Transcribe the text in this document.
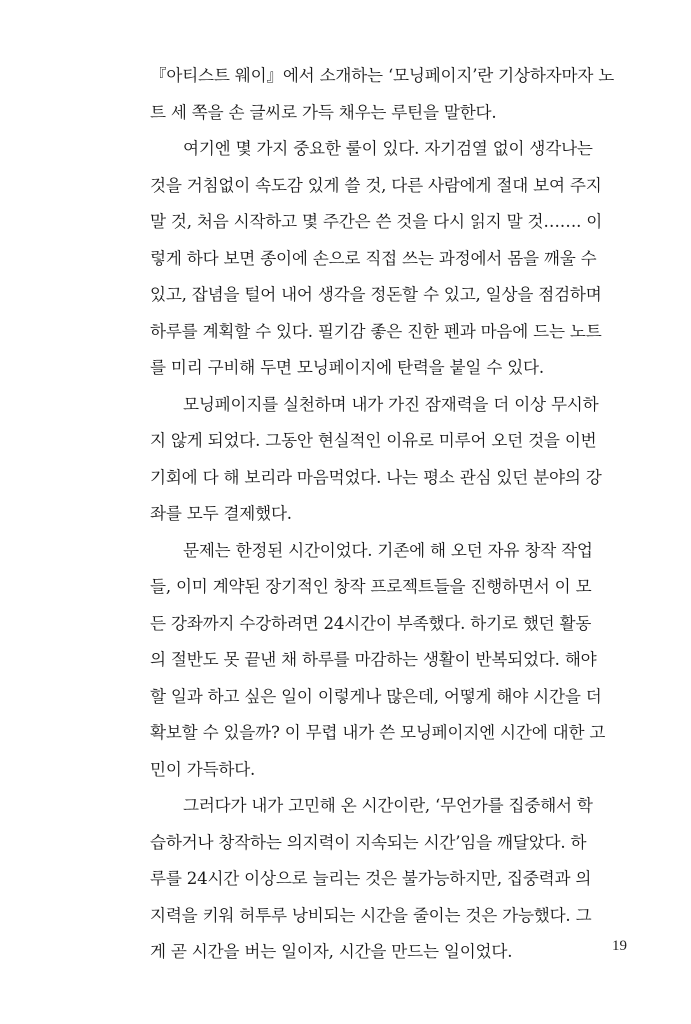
『아티스트 웨이』에서 소개하는 ‘모닝페이지’란 기상하자마자 노
트 세 쪽을 손 글씨로 가득 채우는 루틴을 말한다.
여기엔 몇 가지 중요한 룰이 있다. 자기검열 없이 생각나는
것을 거침없이 속도감 있게 쓸 것, 다른 사람에게 절대 보여 주지
말 것, 처음 시작하고 몇 주간은 쓴 것을 다시 읽지 말 것……. 이
렇게 하다 보면 종이에 손으로 직접 쓰는 과정에서 몸을 깨울 수
있고, 잡념을 털어 내어 생각을 정돈할 수 있고, 일상을 점검하며
하루를 계획할 수 있다. 필기감 좋은 진한 펜과 마음에 드는 노트
를 미리 구비해 두면 모닝페이지에 탄력을 붙일 수 있다.
모닝페이지를 실천하며 내가 가진 잠재력을 더 이상 무시하
지 않게 되었다. 그동안 현실적인 이유로 미루어 오던 것을 이번
기회에 다 해 보리라 마음먹었다. 나는 평소 관심 있던 분야의 강
좌를 모두 결제했다.
문제는 한정된 시간이었다. 기존에 해 오던 자유 창작 작업
들, 이미 계약된 장기적인 창작 프로젝트들을 진행하면서 이 모
든 강좌까지 수강하려면 24시간이 부족했다. 하기로 했던 활동
의 절반도 못 끝낸 채 하루를 마감하는 생활이 반복되었다. 해야
할 일과 하고 싶은 일이 이렇게나 많은데, 어떻게 해야 시간을 더
확보할 수 있을까? 이 무렵 내가 쓴 모닝페이지엔 시간에 대한 고
민이 가득하다.
그러다가 내가 고민해 온 시간이란, ‘무언가를 집중해서 학
습하거나 창작하는 의지력이 지속되는 시간’임을 깨달았다. 하
루를 24시간 이상으로 늘리는 것은 불가능하지만, 집중력과 의
지력을 키워 허투루 낭비되는 시간을 줄이는 것은 가능했다. 그
게 곧 시간을 버는 일이자, 시간을 만드는 일이었다.	19
